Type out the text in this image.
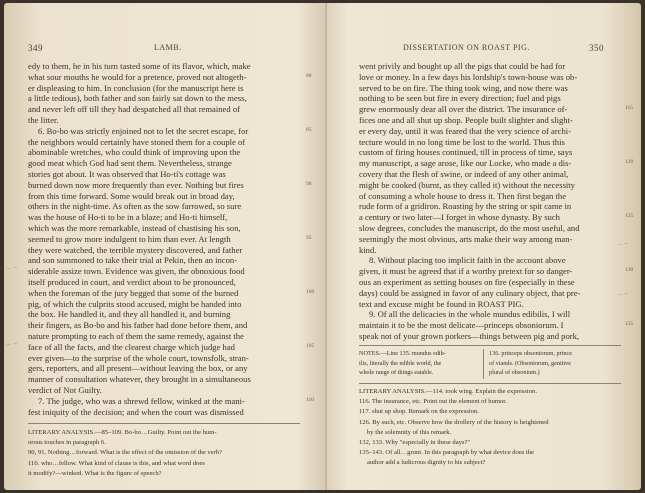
349	LAMB.
edy to them, he in his turn tasted some of its flavor, which, make
what sour mouths he would for a pretence, proved not altogeth-
er displeasing to him. In conclusion (for the manuscript here is
a little tedious), both father and son fairly sat down to the mess,
and never left off till they had despatched all that remained of
the litter.
6. Bo-bo was strictly enjoined not to let the secret escape, for
the neighbors would certainly have stoned them for a couple of
abominable wretches, who could think of improving upon the
good meat which God had sent them. Nevertheless, strange
stories got about. It was observed that Ho-ti's cottage was
burned down now more frequently than ever. Nothing but fires
from this time forward. Some would break out in broad day,
others in the night-time. As often as the sow farrowed, so sure
was the house of Ho-ti to be in a blaze; and Ho-ti himself,
which was the more remarkable, instead of chastising his son,
seemed to grow more indulgent to him than ever. At length
they were watched, the terrible mystery discovered, and father
and son summoned to take their trial at Pekin, then an incon-
siderable assize town. Evidence was given, the obnoxious food
itself produced in court, and verdict about to be pronounced,
when the foreman of the jury begged that some of the burned
pig, of which the culprits stood accused, might be handed into
the box. He handled it, and they all handled it, and burning
their fingers, as Bo-bo and his father had done before them, and
nature prompting to each of them the same remedy, against the
face of all the facts, and the clearest charge which judge had
ever given—to the surprise of the whole court, townsfolk, stran-
gers, reporters, and all present—without leaving the box, or any
manner of consultation whatever, they brought in a simultaneous
verdict of Not Guilty.
7. The judge, who was a shrewd fellow, winked at the mani-
fest iniquity of the decision; and when the court was dismissed
80
85
90
95
100
105
110
LITERARY ANALYSIS.—85–109. Bo-bo…Guilty. Point out the hum-
orous touches in paragraph 6.
90, 91. Nothing…forward. What is the effect of the omission of the verb?
110. who…fellow. What kind of clause is this, and what word does
it modify?—winked. What is the figure of speech?
~ ~
~ ~
DISSERTATION ON ROAST PIG.	350
went privily and bought up all the pigs that could be had for
love or money. In a few days his lordship's town-house was ob-
served to be on fire. The thing took wing, and now there was
nothing to be seen but fire in every direction; fuel and pigs
grew enormously dear all over the district. The insurance of-
fices one and all shut up shop. People built slighter and slight-
er every day, until it was feared that the very science of archi-
tecture would in no long time be lost to the world. Thus this
custom of firing houses continued, till in process of time, says
my manuscript, a sage arose, like our Locke, who made a dis-
covery that the flesh of swine, or indeed of any other animal,
might be cooked (burnt, as they called it) without the necessity
of consuming a whole house to dress it. Then first began the
rude form of a gridiron. Roasting by the string or spit came in
a century or two later—I forget in whose dynasty. By such
slow degrees, concludes the manuscript, do the most useful, and
seemingly the most obvious, arts make their way among man-
kind.
8. Without placing too implicit faith in the account above
given, it must be agreed that if a worthy pretext for so danger-
ous an experiment as setting houses on fire (especially in these
days) could be assigned in favor of any culinary object, that pre-
text and excuse might be found in ROAST PIG.
9. Of all the delicacies in the whole mundus edibilis, I will
maintain it to be the most delicate—princeps obsoniorum. I
speak not of your grown porkers—things between pig and pork,
115
120
125
130
135
NOTES.—Line 135. mundus edib-
ilis, literally the edible world, the
whole range of things eatable.
136. princeps obsoniorum, prince
of viands. (Obsoniorum, genitive
plural of obsonium.)
LITERARY ANALYSIS.—114. took wing. Explain the expression.
116. The insurance, etc. Point out the element of humor.
117. shut up shop. Remark on the expression.
126. By such, etc. Observe how the drollery of the history is heightened
by the solemnity of this remark.
132, 133. Why "especially in these days?"
135–143. Of all…grunt. In this paragraph by what device does the
author add a ludicrous dignity to his subject?
~ ~
~ ~
